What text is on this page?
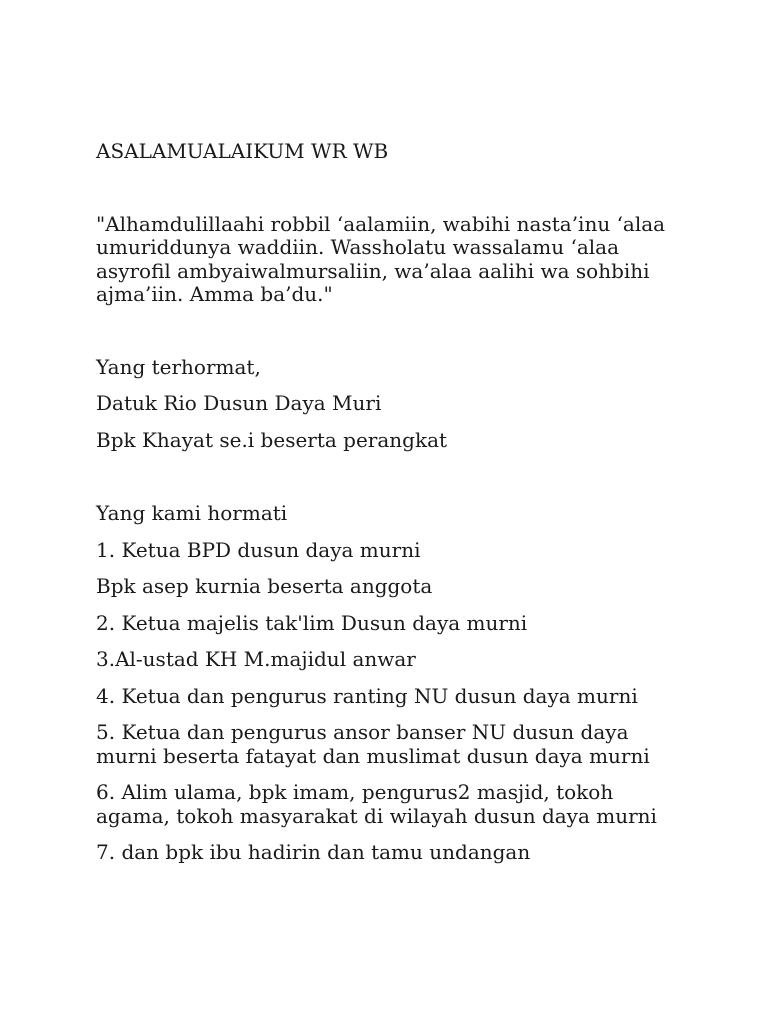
ASALAMUALAIKUM WR WB

"Alhamdulillaahi robbil ‘aalamiin, wabihi nasta’inu ‘alaa umuriddunya waddiin. Wassholatu wassalamu ‘alaa asyrofil ambyaiwalmursaliin, wa’alaa aalihi wa sohbihi ajma’iin. Amma ba’du."

Yang terhormat,

Datuk Rio Dusun Daya Muri

Bpk Khayat se.i beserta perangkat

Yang kami hormati

1. Ketua BPD dusun daya murni

Bpk asep kurnia beserta anggota

2. Ketua majelis tak'lim Dusun daya murni

3.Al-ustad KH M.majidul anwar

4. Ketua dan pengurus ranting NU dusun daya murni

5. Ketua dan pengurus ansor banser NU dusun daya murni beserta fatayat dan muslimat dusun daya murni

6. Alim ulama, bpk imam, pengurus2 masjid, tokoh agama, tokoh masyarakat di wilayah dusun daya murni

7. dan bpk ibu hadirin dan tamu undangan
